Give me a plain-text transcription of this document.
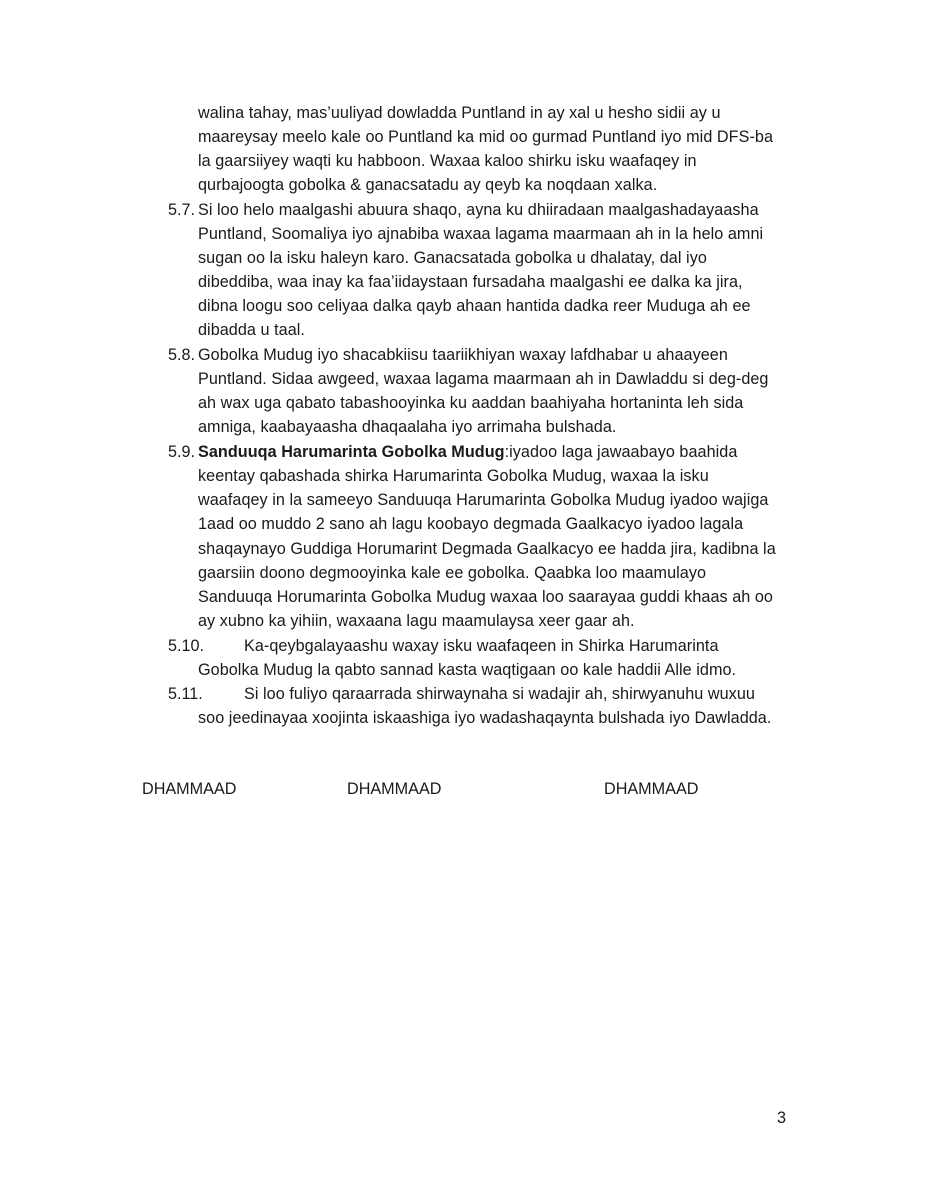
walina tahay, mas’uuliyad dowladda Puntland in ay xal u hesho sidii ay u
maareysay meelo kale oo Puntland ka mid oo gurmad Puntland iyo mid DFS-ba
la gaarsiiyey waqti ku habboon. Waxaa kaloo shirku isku waafaqey in
qurbajoogta gobolka & ganacsatadu ay qeyb ka noqdaan xalka.
5.7. Si loo helo maalgashi abuura shaqo, ayna ku dhiiradaan maalgashadayaasha
Puntland, Soomaliya iyo ajnabiba waxaa lagama maarmaan ah in la helo amni
sugan oo la isku haleyn karo. Ganacsatada gobolka u dhalatay, dal iyo
dibeddiba, waa inay ka faa’iidaystaan fursadaha maalgashi ee dalka ka jira,
dibna loogu soo celiyaa dalka qayb ahaan hantida dadka reer Muduga ah ee
dibadda u taal.
5.8. Gobolka Mudug iyo shacabkiisu taariikhiyan waxay lafdhabar u ahaayeen
Puntland. Sidaa awgeed, waxaa lagama maarmaan ah in Dawladdu si deg-deg
ah wax uga qabato tabashooyinka ku aaddan baahiyaha hortaninta leh sida
amniga, kaabayaasha dhaqaalaha iyo arrimaha bulshada.
5.9. Sanduuqa Harumarinta Gobolka Mudug:iyadoo laga jawaabayo baahida
keentay qabashada shirka Harumarinta Gobolka Mudug, waxaa la isku
waafaqey in la sameeyo Sanduuqa Harumarinta Gobolka Mudug iyadoo wajiga
1aad oo muddo 2 sano ah lagu koobayo degmada Gaalkacyo iyadoo lagala
shaqaynayo Guddiga Horumarint Degmada Gaalkacyo ee hadda jira, kadibna la
gaarsiin doono degmooyinka kale ee gobolka. Qaabka loo maamulayo
Sanduuqa Horumarinta Gobolka Mudug waxaa loo saarayaa guddi khaas ah oo
ay xubno ka yihiin, waxaana lagu maamulaysa xeer gaar ah.
5.10. Ka-qeybgalayaashu waxay isku waafaqeen in Shirka Harumarinta
Gobolka Mudug la qabto sannad kasta waqtigaan oo kale haddii Alle idmo.
5.11.	Si loo fuliyo qaraarrada shirwaynaha si wadajir ah, shirwyanuhu wuxuu
soo jeedinayaa xoojinta iskaashiga iyo wadashaqaynta bulshada iyo Dawladda.
DHAMMAAD	DHAMMAAD	DHAMMAAD
3
